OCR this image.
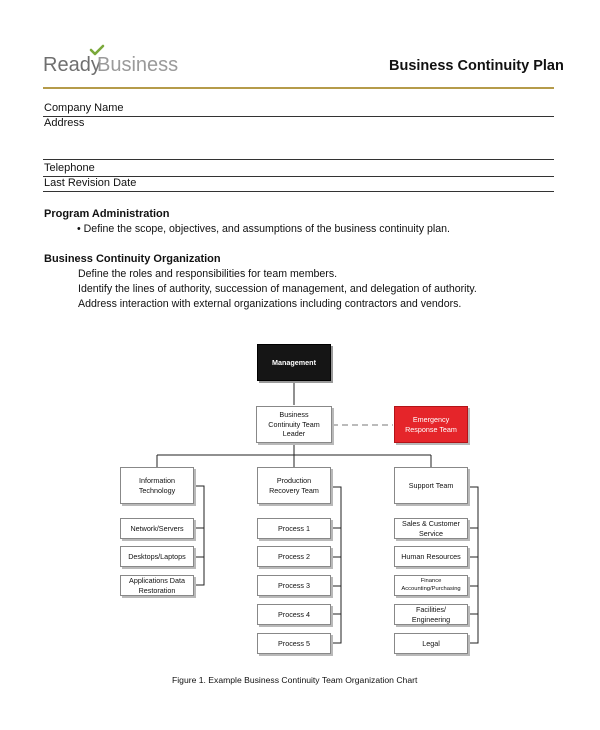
Ready
Business	Business Continuity Plan
Company Name
Address
Telephone
Last Revision Date
Program Administration
• Define the scope, objectives, and assumptions of the business continuity plan.
Business Continuity Organization
Define the roles and responsibilities for team members.
Identify the lines of authority, succession of management, and delegation of authority.
Address interaction with external organizations including contractors and vendors.
Management
Business Continuity Team Leader
Emergency Response Team
Information Technology
Network/Servers
Desktops/Laptops
Applications Data Restoration
Production Recovery Team
Process 1
Process 2
Process 3
Process 4
Process 5
Support Team
Sales & Customer Service
Human Resources
Finance Accounting/Purchasing
Facilities/ Engineering
Legal
Figure 1. Example Business Continuity Team Organization Chart
